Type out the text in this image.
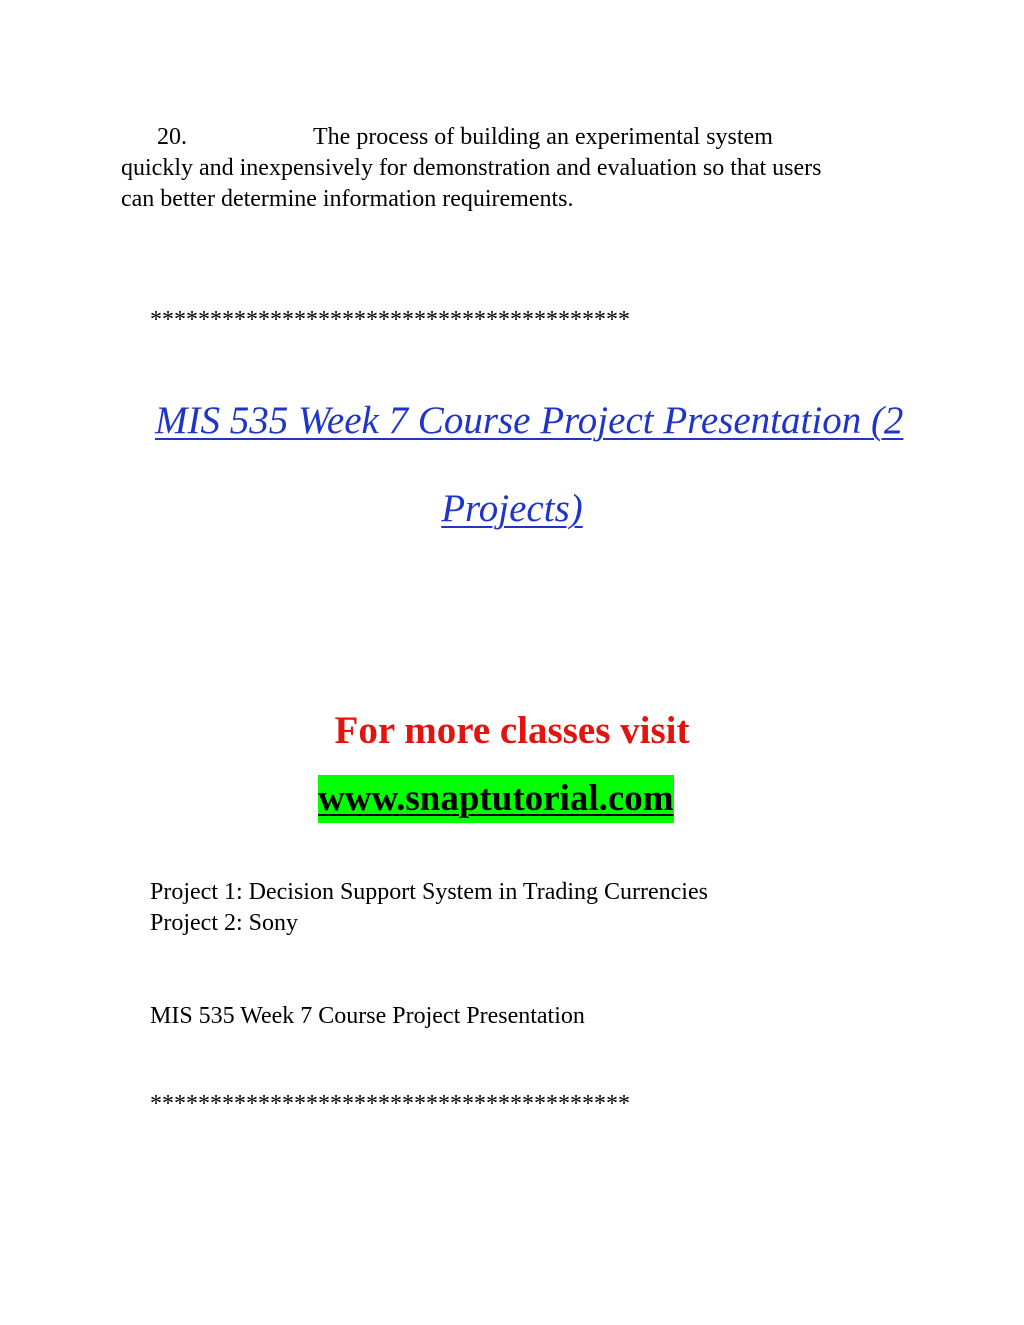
20.	The process of building an experimental system
quickly and inexpensively for demonstration and evaluation so that users
can better determine information requirements.
****************************************
MIS 535 Week 7 Course Project Presentation (2
Projects)
For more classes visit
www.snaptutorial.com
Project 1: Decision Support System in Trading Currencies
Project 2: Sony
MIS 535 Week 7 Course Project Presentation
****************************************
